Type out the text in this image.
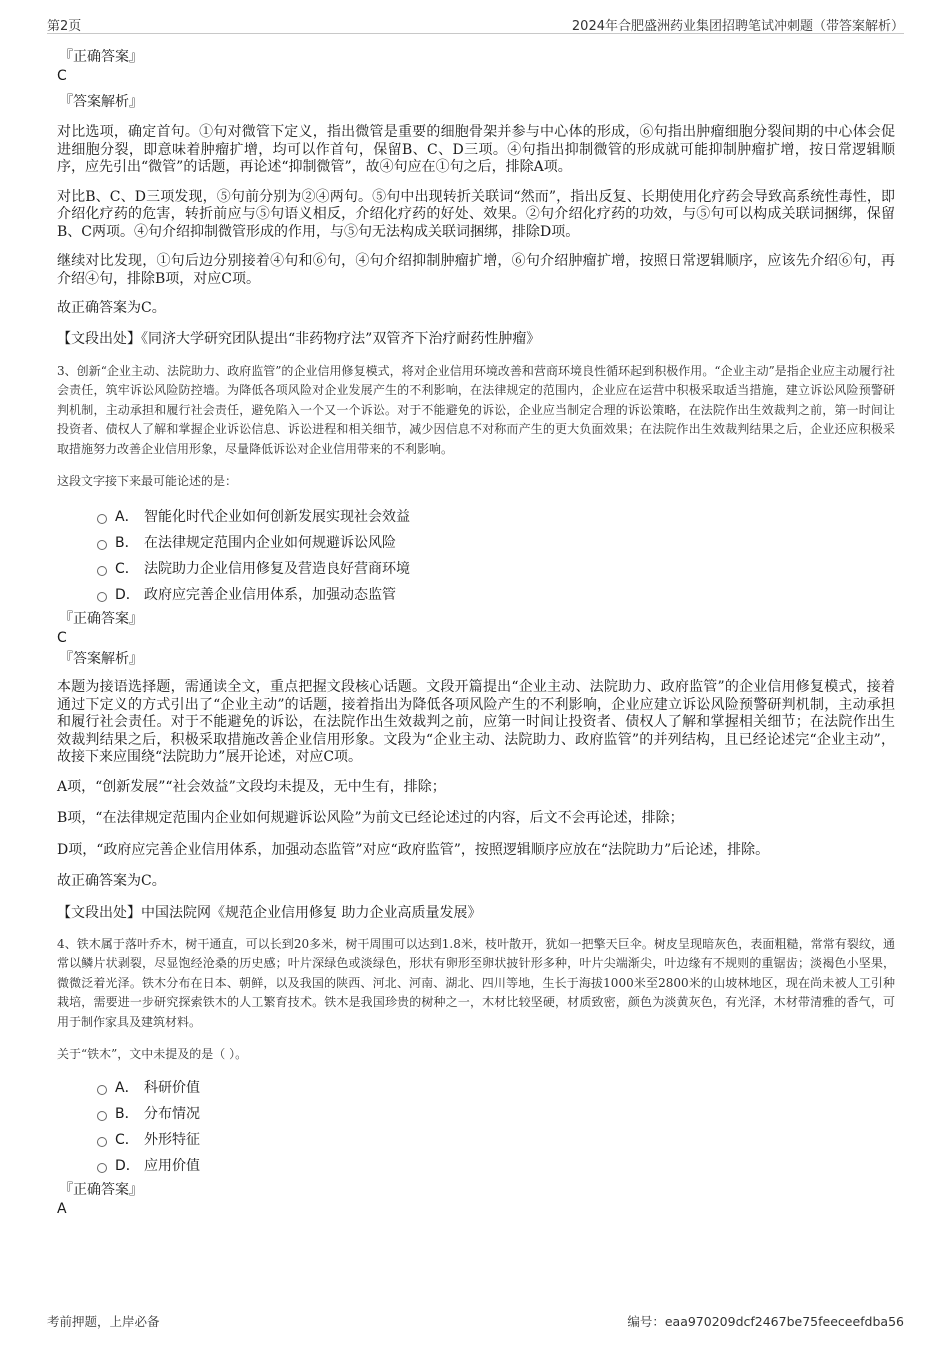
第2页	2024年合肥盛洲药业集团招聘笔试冲刺题（带答案解析）
『正确答案』
C
『答案解析』

对比选项，确定首句。①句对微管下定义，指出微管是重要的细胞骨架并参与中心体的形成，⑥句指出肿瘤细胞分裂间期的中心体会促进细胞分裂，即意味着肿瘤扩增，均可以作首句，保留B、C、D三项。④句指出抑制微管的形成就可能抑制肿瘤扩增，按日常逻辑顺序，应先引出“微管”的话题，再论述“抑制微管”，故④句应在①句之后，排除A项。

对比B、C、D三项发现，⑤句前分别为②④两句。⑤句中出现转折关联词“然而”，指出反复、长期使用化疗药会导致高系统性毒性，即介绍化疗药的危害，转折前应与⑤句语义相反，介绍化疗药的好处、效果。②句介绍化疗药的功效，与⑤句可以构成关联词捆绑，保留B、C两项。④句介绍抑制微管形成的作用，与⑤句无法构成关联词捆绑，排除D项。

继续对比发现，①句后边分别接着④句和⑥句，④句介绍抑制肿瘤扩增，⑥句介绍肿瘤扩增，按照日常逻辑顺序，应该先介绍⑥句，再介绍④句，排除B项，对应C项。

故正确答案为C。

【文段出处】《同济大学研究团队提出“非药物疗法”双管齐下治疗耐药性肿瘤》

3、创新“企业主动、法院助力、政府监管”的企业信用修复模式，将对企业信用环境改善和营商环境良性循环起到积极作用。“企业主动”是指企业应主动履行社会责任，筑牢诉讼风险防控墙。为降低各项风险对企业发展产生的不利影响，在法律规定的范围内，企业应在运营中积极采取适当措施，建立诉讼风险预警研判机制，主动承担和履行社会责任，避免陷入一个又一个诉讼。对于不能避免的诉讼，企业应当制定合理的诉讼策略，在法院作出生效裁判之前，第一时间让投资者、债权人了解和掌握企业诉讼信息、诉讼进程和相关细节，减少因信息不对称而产生的更大负面效果；在法院作出生效裁判结果之后，企业还应积极采取措施努力改善企业信用形象，尽量降低诉讼对企业信用带来的不利影响。

这段文字接下来最可能论述的是：

A． 智能化时代企业如何创新发展实现社会效益
B． 在法律规定范围内企业如何规避诉讼风险
C． 法院助力企业信用修复及营造良好营商环境
D． 政府应完善企业信用体系，加强动态监管
『正确答案』
C
『答案解析』

本题为接语选择题，需通读全文，重点把握文段核心话题。文段开篇提出“企业主动、法院助力、政府监管”的企业信用修复模式，接着通过下定义的方式引出了“企业主动”的话题，接着指出为降低各项风险产生的不利影响，企业应建立诉讼风险预警研判机制，主动承担和履行社会责任。对于不能避免的诉讼，在法院作出生效裁判之前，应第一时间让投资者、债权人了解和掌握相关细节；在法院作出生效裁判结果之后，积极采取措施改善企业信用形象。文段为“企业主动、法院助力、政府监管”的并列结构，且已经论述完“企业主动”，故接下来应围绕“法院助力”展开论述，对应C项。

A项，“创新发展”“社会效益”文段均未提及，无中生有，排除；

B项，“在法律规定范围内企业如何规避诉讼风险”为前文已经论述过的内容，后文不会再论述，排除；

D项，“政府应完善企业信用体系，加强动态监管”对应“政府监管”，按照逻辑顺序应放在“法院助力”后论述，排除。

故正确答案为C。

【文段出处】中国法院网《规范企业信用修复 助力企业高质量发展》

4、铁木属于落叶乔木，树干通直，可以长到20多米，树干周围可以达到1.8米，枝叶散开，犹如一把擎天巨伞。树皮呈现暗灰色，表面粗糙，常常有裂纹，通常以鳞片状剥裂，尽显饱经沧桑的历史感；叶片深绿色或淡绿色，形状有卵形至卵状披针形多种，叶片尖端渐尖，叶边缘有不规则的重锯齿；淡褐色小坚果，微微泛着光泽。铁木分布在日本、朝鲜，以及我国的陕西、河北、河南、湖北、四川等地，生长于海拔1000米至2800米的山坡林地区，现在尚未被人工引种栽培，需要进一步研究探索铁木的人工繁育技术。铁木是我国珍贵的树种之一，木材比较坚硬，材质致密，颜色为淡黄灰色，有光泽，木材带清雅的香气，可用于制作家具及建筑材料。

关于“铁木”，文中未提及的是（ ）。

A． 科研价值
B． 分布情况
C． 外形特征
D． 应用价值
『正确答案』
A
考前押题，上岸必备	编号：eaa970209dcf2467be75feeceefdba56
